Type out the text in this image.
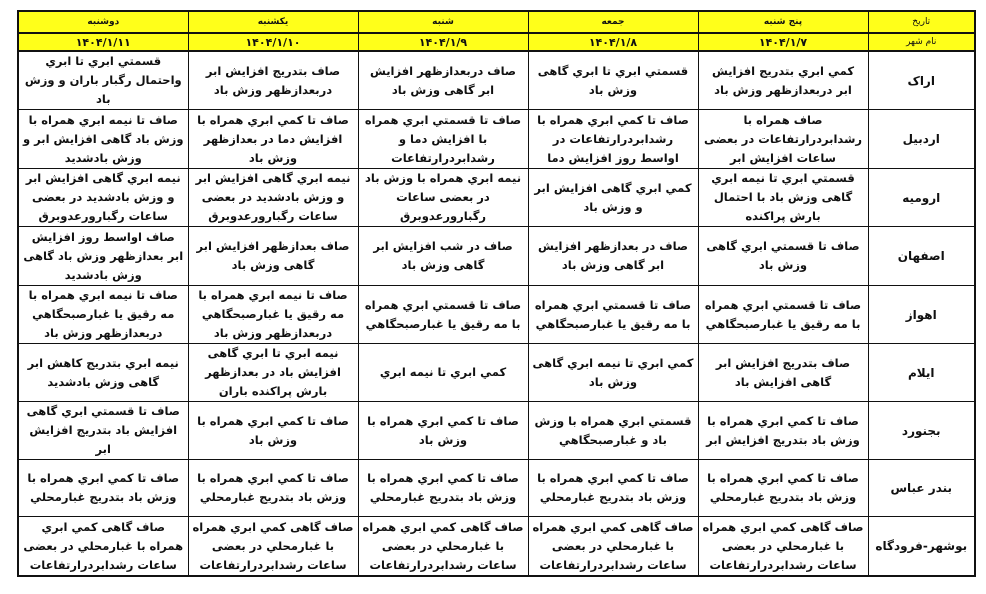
تاریخ	پنج شنبه	جمعه	شنبه	یکشنبه	دوشنبه
نام شهر	۱۴۰۴/۱/۷	۱۴۰۴/۱/۸	۱۴۰۴/۱/۹	۱۴۰۴/۱/۱۰	۱۴۰۴/۱/۱۱
اراک	كمي ابري بتدريج افزايش ابر دربعدازظهر وزش باد	قسمتي ابري تا ابري گاهی وزش باد	صاف دربعدازظهر افزايش ابر گاهی وزش باد	صاف بتدريج افزايش ابر دربعدازظهر وزش باد	قسمتي ابري تا ابري واحتمال رگبار باران و وزش باد
اردبیل	صاف همراه با رشدابردرارتفاعات در بعضی ساعات افزایش ابر	صاف تا كمي ابري همراه با رشدابردرارتفاعات در اواسط روز افزايش دما	صاف تا قسمتي ابري همراه با افزايش دما و رشدابردرارتفاعات	صاف تا كمي ابري همراه با افزايش دما در بعدازظهر وزش باد	صاف تا نیمه ابري همراه با وزش باد گاهی افزایش ابر و وزش بادشدید
ارومیه	قسمتي ابري تا نيمه ابري گاهی وزش باد با احتمال بارش پراكنده	كمي ابري گاهی افزايش ابر و وزش باد	نيمه ابري همراه با وزش باد در بعضی ساعات رگبارورعدوبرق	نیمه ابري گاهی افزایش ابر و وزش بادشدید در بعضی ساعات رگبارورعدوبرق	نیمه ابري گاهی افزایش ابر و وزش بادشدید در بعضی ساعات رگبارورعدوبرق
اصفهان	صاف تا قسمتي ابري گاهی وزش باد	صاف در بعدازظهر افزايش ابر گاهی وزش باد	صاف در شب افزایش ابر گاهی وزش باد	صاف بعدازظهر افزایش ابر گاهی وزش باد	صاف اواسط روز افزایش ابر بعدازظهر وزش باد گاهی وزش بادشدید
اهواز	صاف تا قسمتي ابري همراه با مه رقيق يا غبارصبحگاهي	صاف تا قسمتي ابري همراه با مه رقيق يا غبارصبحگاهي	صاف تا قسمتي ابري همراه با مه رقيق يا غبارصبحگاهي	صاف تا نیمه ابري همراه با مه رقيق يا غبارصبحگاهي دربعدازظهر وزش باد	صاف تا نیمه ابري همراه با مه رقيق يا غبارصبحگاهي دربعدازظهر وزش باد
ایلام	صاف بتدريج افزايش ابر گاهی افزایش باد	كمي ابري تا نيمه ابري گاهی وزش باد	كمي ابري تا نيمه ابري	نیمه ابري تا ابري گاهی افزایش باد در بعدازظهر بارش پراكنده باران	نیمه ابري بتدريج كاهش ابر گاهی وزش بادشدید
بجنورد	صاف تا كمي ابري همراه با وزش باد بتدريج افزايش ابر	قسمتي ابري همراه با وزش باد و غبارصبحگاهي	صاف تا كمي ابري همراه با وزش باد	صاف تا كمي ابري همراه با وزش باد	صاف تا قسمتي ابري گاهی افزایش باد بتدريج افزايش ابر
بندر عباس	صاف تا كمي ابري همراه با وزش باد بتدريج غبارمحلي	صاف تا كمي ابري همراه با وزش باد بتدريج غبارمحلي	صاف تا كمي ابري همراه با وزش باد بتدريج غبارمحلي	صاف تا كمي ابري همراه با وزش باد بتدريج غبارمحلي	صاف تا كمي ابري همراه با وزش باد بتدريج غبارمحلي
بوشهر-فرودگاه	صاف گاهی كمي ابري همراه با غبارمحلي در بعضی ساعات رشدابردرارتفاعات	صاف گاهی كمي ابري همراه با غبارمحلي در بعضی ساعات رشدابردرارتفاعات	صاف گاهی كمي ابري همراه با غبارمحلي در بعضی ساعات رشدابردرارتفاعات	صاف گاهی كمي ابري همراه با غبارمحلي در بعضی ساعات رشدابردرارتفاعات	صاف گاهی كمي ابري همراه با غبارمحلي در بعضی ساعات رشدابردرارتفاعات
